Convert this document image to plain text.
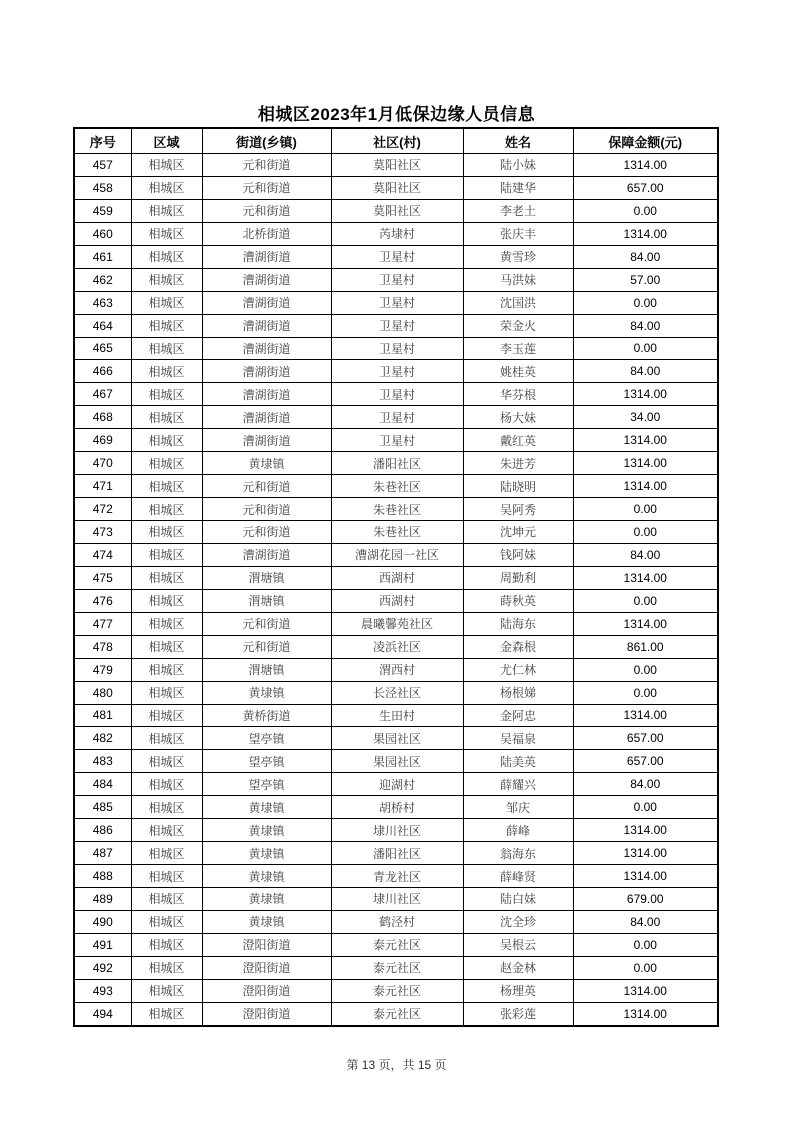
相城区2023年1月低保边缘人员信息
序号	区域	街道(乡镇)	社区(村)	姓名	保障金额(元)
457	相城区	元和街道	莫阳社区	陆小妹	1314.00
458	相城区	元和街道	莫阳社区	陆建华	657.00
459	相城区	元和街道	莫阳社区	李老土	0.00
460	相城区	北桥街道	芮埭村	张庆丰	1314.00
461	相城区	漕湖街道	卫星村	黄雪珍	84.00
462	相城区	漕湖街道	卫星村	马洪妹	57.00
463	相城区	漕湖街道	卫星村	沈国洪	0.00
464	相城区	漕湖街道	卫星村	荣金火	84.00
465	相城区	漕湖街道	卫星村	李玉莲	0.00
466	相城区	漕湖街道	卫星村	姚桂英	84.00
467	相城区	漕湖街道	卫星村	华芬根	1314.00
468	相城区	漕湖街道	卫星村	杨大妹	34.00
469	相城区	漕湖街道	卫星村	戴红英	1314.00
470	相城区	黄埭镇	潘阳社区	朱进芳	1314.00
471	相城区	元和街道	朱巷社区	陆晓明	1314.00
472	相城区	元和街道	朱巷社区	吴阿秀	0.00
473	相城区	元和街道	朱巷社区	沈坤元	0.00
474	相城区	漕湖街道	漕湖花园一社区	钱阿妹	84.00
475	相城区	渭塘镇	西湖村	周勤利	1314.00
476	相城区	渭塘镇	西湖村	蒔秋英	0.00
477	相城区	元和街道	晨曦馨苑社区	陆海东	1314.00
478	相城区	元和街道	凌浜社区	金森根	861.00
479	相城区	渭塘镇	渭西村	尤仁林	0.00
480	相城区	黄埭镇	长泾社区	杨根娣	0.00
481	相城区	黄桥街道	生田村	金阿忠	1314.00
482	相城区	望亭镇	果园社区	吴福泉	657.00
483	相城区	望亭镇	果园社区	陆美英	657.00
484	相城区	望亭镇	迎湖村	薛耀兴	84.00
485	相城区	黄埭镇	胡桥村	邹庆	0.00
486	相城区	黄埭镇	埭川社区	薛峰	1314.00
487	相城区	黄埭镇	潘阳社区	翁海东	1314.00
488	相城区	黄埭镇	青龙社区	薛峰贤	1314.00
489	相城区	黄埭镇	埭川社区	陆白妹	679.00
490	相城区	黄埭镇	鹤泾村	沈全珍	84.00
491	相城区	澄阳街道	泰元社区	吴根云	0.00
492	相城区	澄阳街道	泰元社区	赵金林	0.00
493	相城区	澄阳街道	泰元社区	杨理英	1314.00
494	相城区	澄阳街道	泰元社区	张彩莲	1314.00
第 13 页，共 15 页
